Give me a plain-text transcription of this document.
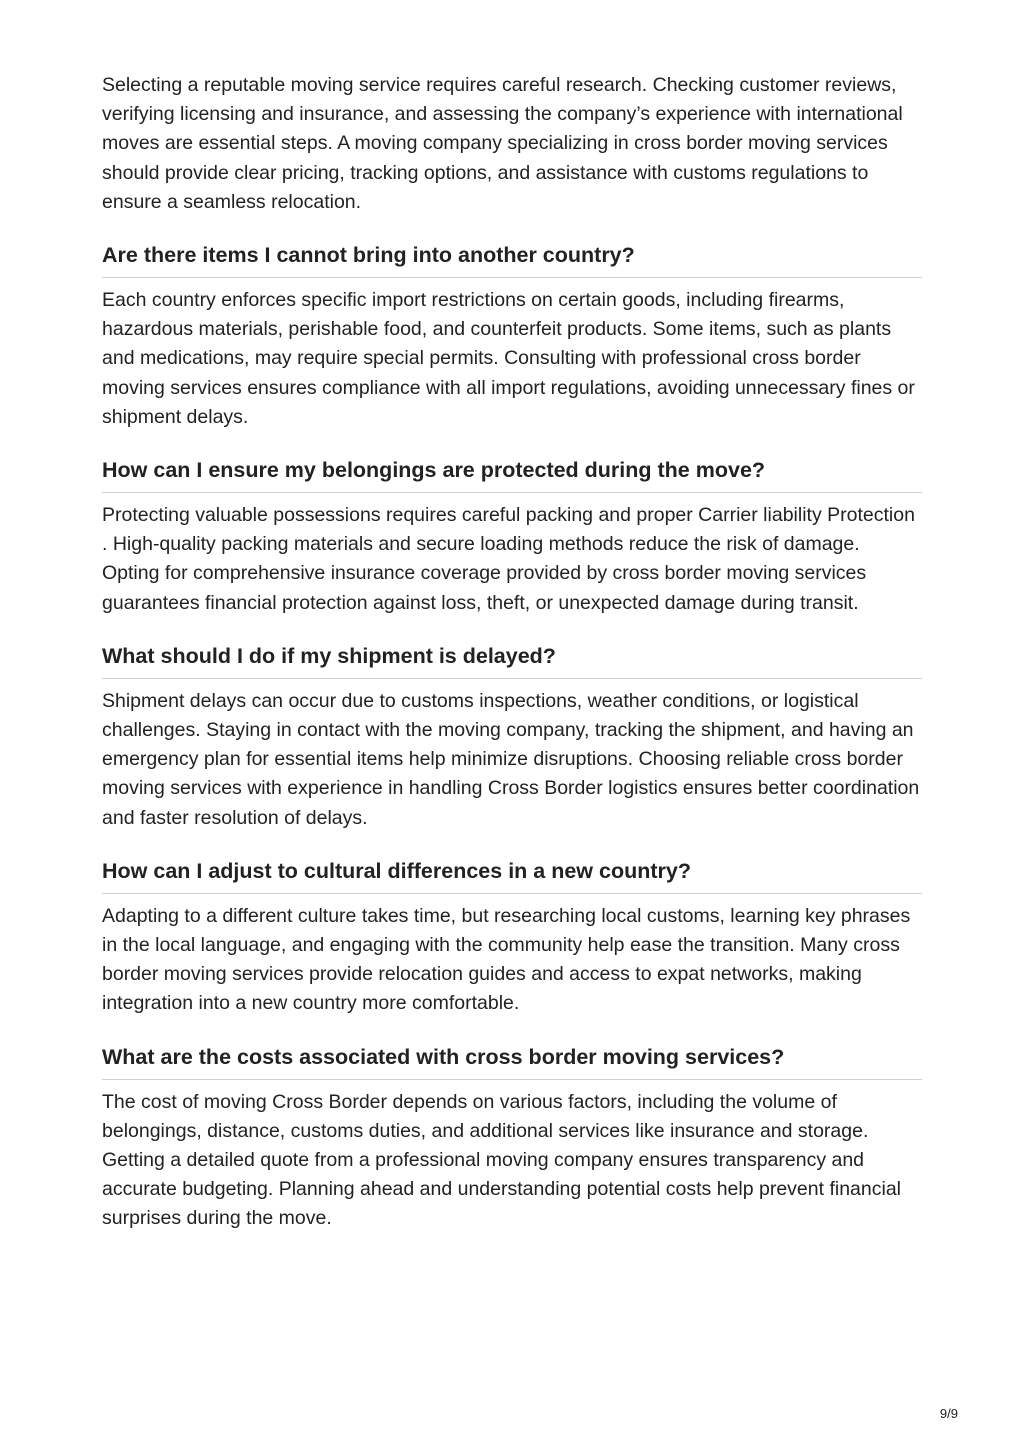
Selecting a reputable moving service requires careful research. Checking customer reviews, verifying licensing and insurance, and assessing the company’s experience with international moves are essential steps. A moving company specializing in cross border moving services should provide clear pricing, tracking options, and assistance with customs regulations to ensure a seamless relocation.

Are there items I cannot bring into another country?

Each country enforces specific import restrictions on certain goods, including firearms, hazardous materials, perishable food, and counterfeit products. Some items, such as plants and medications, may require special permits. Consulting with professional cross border moving services ensures compliance with all import regulations, avoiding unnecessary fines or shipment delays.

How can I ensure my belongings are protected during the move?

Protecting valuable possessions requires careful packing and proper Carrier liability Protection . High-quality packing materials and secure loading methods reduce the risk of damage. Opting for comprehensive insurance coverage provided by cross border moving services guarantees financial protection against loss, theft, or unexpected damage during transit.

What should I do if my shipment is delayed?

Shipment delays can occur due to customs inspections, weather conditions, or logistical challenges. Staying in contact with the moving company, tracking the shipment, and having an emergency plan for essential items help minimize disruptions. Choosing reliable cross border moving services with experience in handling Cross Border logistics ensures better coordination and faster resolution of delays.

How can I adjust to cultural differences in a new country?

Adapting to a different culture takes time, but researching local customs, learning key phrases in the local language, and engaging with the community help ease the transition. Many cross border moving services provide relocation guides and access to expat networks, making integration into a new country more comfortable.

What are the costs associated with cross border moving services?

The cost of moving Cross Border depends on various factors, including the volume of belongings, distance, customs duties, and additional services like insurance and storage. Getting a detailed quote from a professional moving company ensures transparency and accurate budgeting. Planning ahead and understanding potential costs help prevent financial surprises during the move.

9/9
